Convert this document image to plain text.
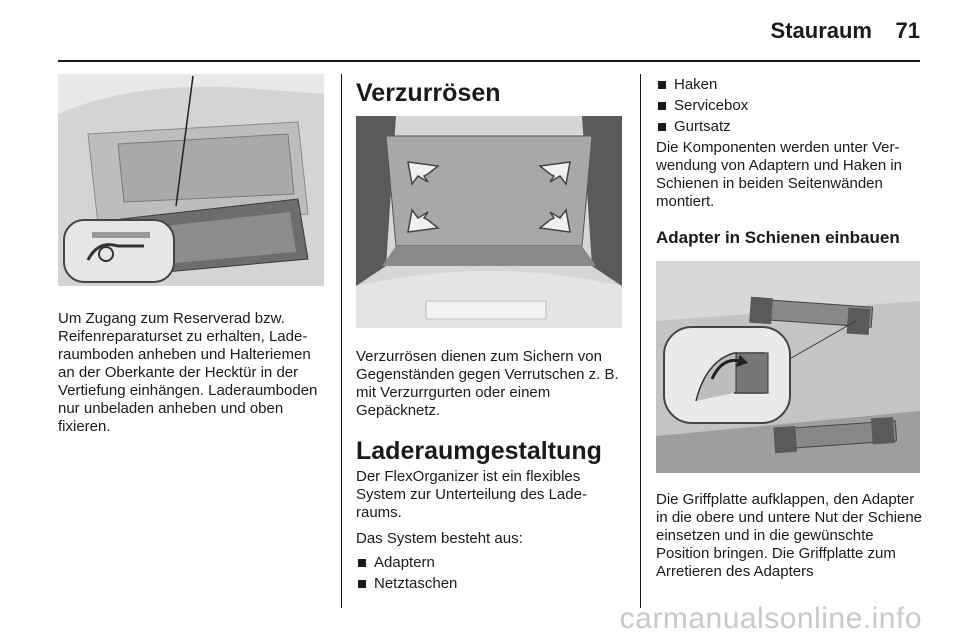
Stauraum 71

Um Zugang zum Reserverad bzw. Reifenreparaturset zu erhalten, Laderaumboden anheben und Halteriemen an der Oberkante der Hecktür in der Vertiefung einhängen. Laderaumboden nur unbeladen anheben und oben fixieren.

Verzurrösen

Verzurrösen dienen zum Sichern von Gegenständen gegen Verrutschen z. B. mit Verzurrgurten oder einem Gepäcknetz.

Laderaumgestaltung

Der FlexOrganizer ist ein flexibles System zur Unterteilung des Laderaums.

Das System besteht aus:

Adaptern
Netztaschen
Haken
Servicebox
Gurtsatz

Die Komponenten werden unter Verwendung von Adaptern und Haken in Schienen in beiden Seitenwänden montiert.

Adapter in Schienen einbauen

Die Griffplatte aufklappen, den Adapter in die obere und untere Nut der Schiene einsetzen und in die gewünschte Position bringen. Die Griffplatte zum Arretieren des Adapters

carmanualsonline.info
